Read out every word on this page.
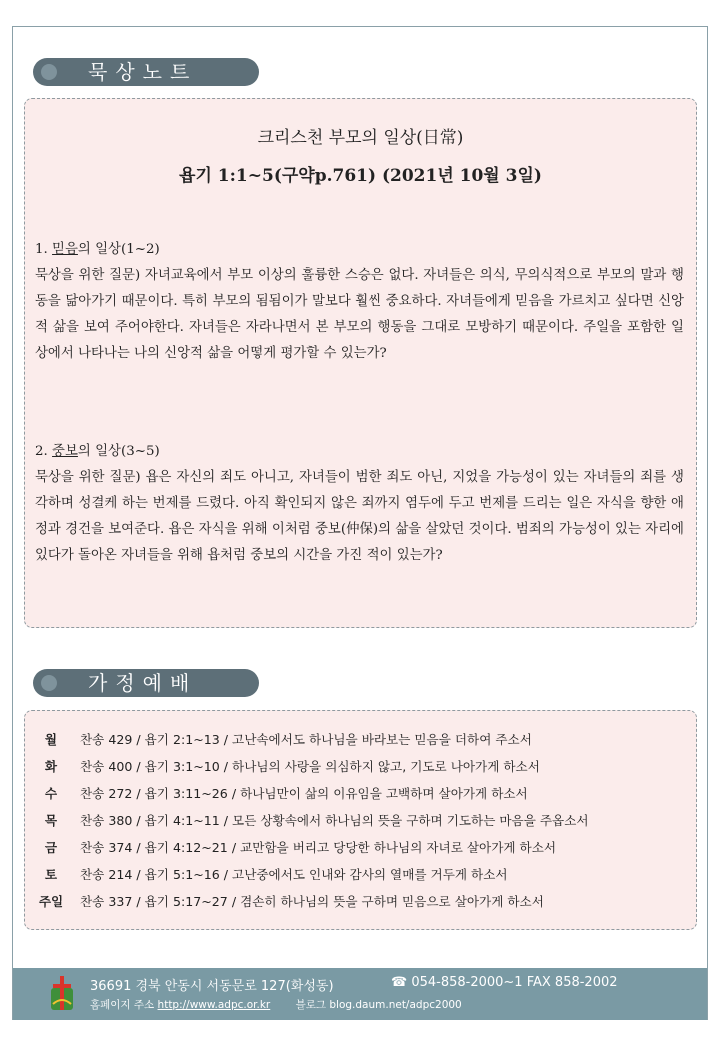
묵상노트
크리스천 부모의 일상(日常)
욥기 1:1~5(구약p.761) (2021년 10월 3일)
1. 믿음의 일상(1~2)
묵상을 위한 질문) 자녀교육에서 부모 이상의 훌륭한 스승은 없다. 자녀들은 의식, 무의식적으로 부모의 말과 행동을 닮아가기 때문이다. 특히 부모의 됨됨이가 말보다 훨씬 중요하다. 자녀들에게 믿음을 가르치고 싶다면 신앙적 삶을 보여 주어야한다. 자녀들은 자라나면서 본 부모의 행동을 그대로 모방하기 때문이다. 주일을 포함한 일상에서 나타나는 나의 신앙적 삶을 어떻게 평가할 수 있는가?
2. 중보의 일상(3~5)
묵상을 위한 질문) 욥은 자신의 죄도 아니고, 자녀들이 범한 죄도 아닌, 지었을 가능성이 있는 자녀들의 죄를 생각하며 성결케 하는 번제를 드렸다. 아직 확인되지 않은 죄까지 염두에 두고 번제를 드리는 일은 자식을 향한 애정과 경건을 보여준다. 욥은 자식을 위해 이처럼 중보(仲保)의 삶을 살았던 것이다. 범죄의 가능성이 있는 자리에 있다가 돌아온 자녀들을 위해 욥처럼 중보의 시간을 가진 적이 있는가?
가정예배
월	찬송 429 / 욥기 2:1~13 / 고난속에서도 하나님을 바라보는 믿음을 더하여 주소서
화	찬송 400 / 욥기 3:1~10 / 하나님의 사랑을 의심하지 않고, 기도로 나아가게 하소서
수	찬송 272 / 욥기 3:11~26 / 하나님만이 삶의 이유임을 고백하며 살아가게 하소서
목	찬송 380 / 욥기 4:1~11 / 모든 상황속에서 하나님의 뜻을 구하며 기도하는 마음을 주옵소서
금	찬송 374 / 욥기 4:12~21 / 교만함을 버리고 당당한 하나님의 자녀로 살아가게 하소서
토	찬송 214 / 욥기 5:1~16 / 고난중에서도 인내와 감사의 열매를 거두게 하소서
주일	찬송 337 / 욥기 5:17~27 / 겸손히 하나님의 뜻을 구하며 믿음으로 살아가게 하소서
36691 경북 안동시 서동문로 127(화성동)	☎ 054-858-2000~1 FAX 858-2002
홈페이지 주소 http://www.adpc.or.kr 블로그 blog.daum.net/adpc2000
